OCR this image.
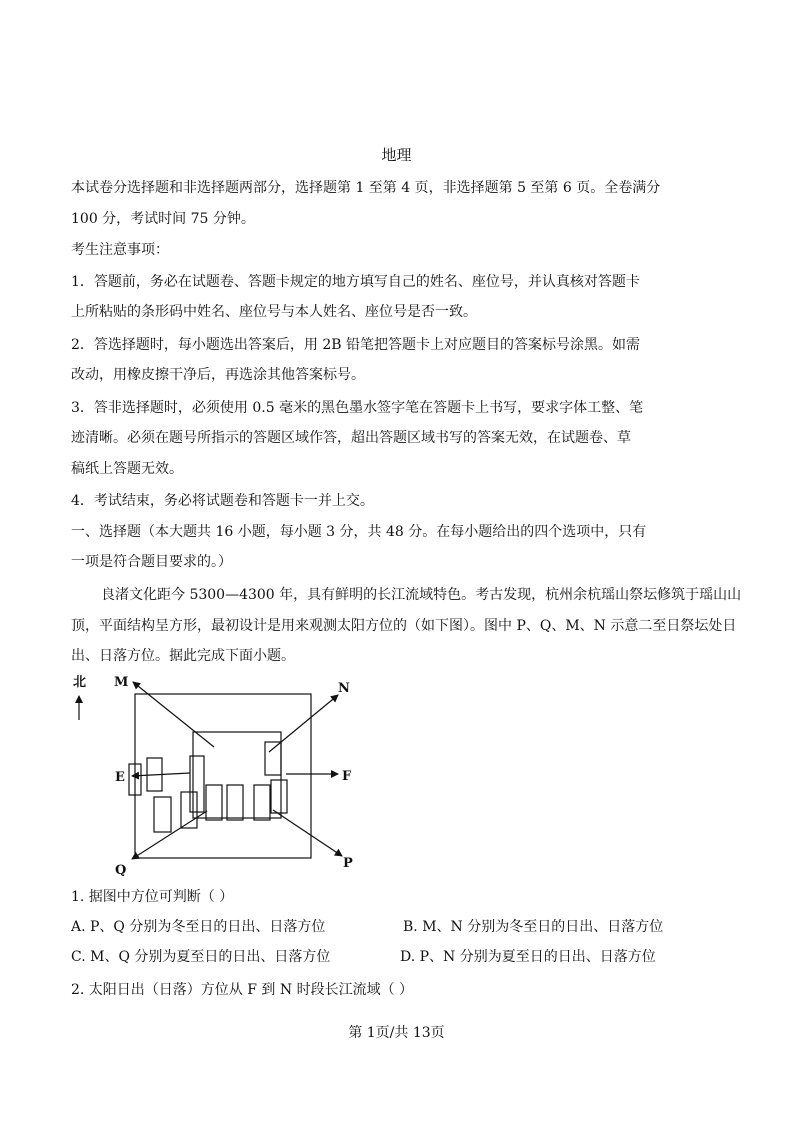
地理
本试卷分选择题和非选择题两部分，选择题第 1 至第 4 页，非选择题第 5 至第 6 页。全卷满分
100 分，考试时间 75 分钟。
考生注意事项：
1．答题前，务必在试题卷、答题卡规定的地方填写自己的姓名、座位号，并认真核对答题卡
上所粘贴的条形码中姓名、座位号与本人姓名、座位号是否一致。
2．答选择题时，每小题选出答案后，用 2B 铅笔把答题卡上对应题目的答案标号涂黑。如需
改动，用橡皮擦干净后，再选涂其他答案标号。
3．答非选择题时，必须使用 0.5 毫米的黑色墨水签字笔在答题卡上书写，要求字体工整、笔
迹清晰。必须在题号所指示的答题区域作答，超出答题区域书写的答案无效，在试题卷、草
稿纸上答题无效。
4．考试结束，务必将试题卷和答题卡一并上交。
一、选择题（本大题共 16 小题，每小题 3 分，共 48 分。在每小题给出的四个选项中，只有
一项是符合题目要求的。）
良渚文化距今 5300—4300 年，具有鲜明的长江流域特色。考古发现，杭州余杭瑶山祭坛修筑于瑶山山
顶，平面结构呈方形，最初设计是用来观测太阳方位的（如下图）。图中 P、Q、M、N 示意二至日祭坛处日
出、日落方位。据此完成下面小题。
北 M	N
E	F
Q	P
1. 据图中方位可判断（ ）
A. P、Q 分别为冬至日的日出、日落方位	B. M、N 分别为冬至日的日出、日落方位
C. M、Q 分别为夏至日的日出、日落方位	D. P、N 分别为夏至日的日出、日落方位
2. 太阳日出（日落）方位从 F 到 N 时段长江流域（ ）
第 1页/共 13页
